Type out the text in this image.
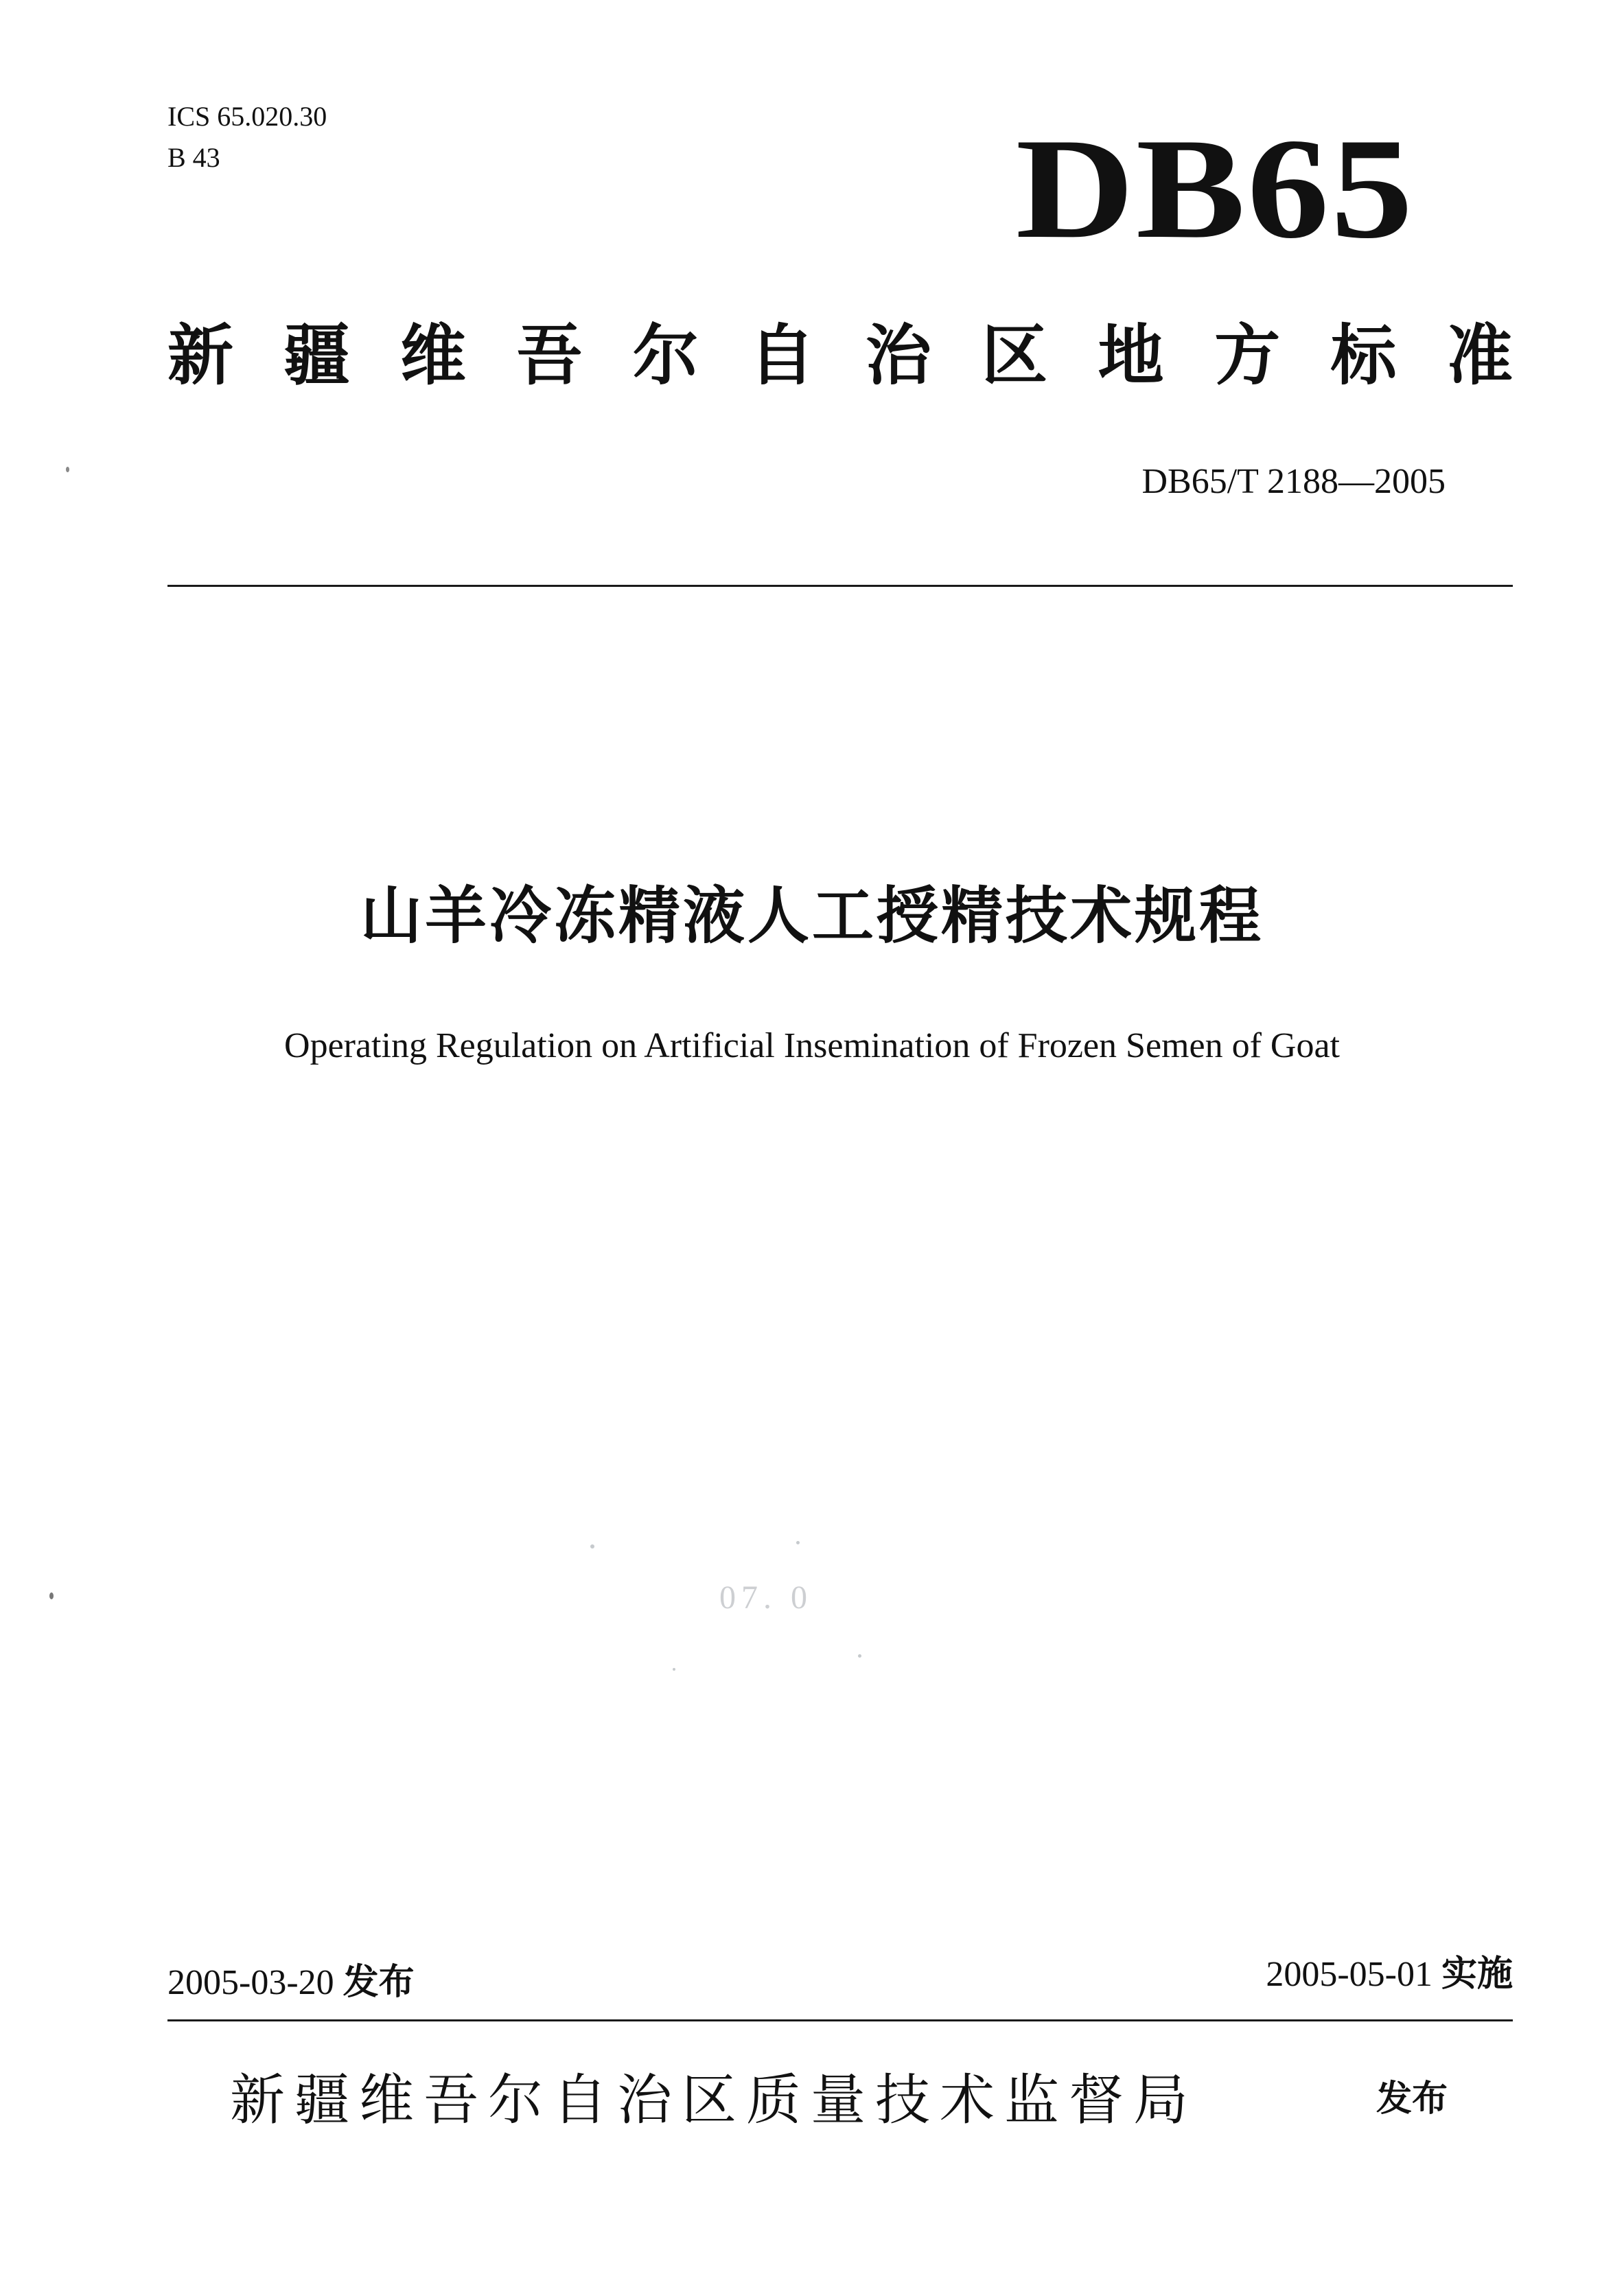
ICS 65.020.30
B 43	DB65
新 疆 维 吾 尔 自 治 区 地 方 标 准
DB65/T 2188—2005
山羊冷冻精液人工授精技术规程
Operating Regulation on Artificial Insemination of Frozen Semen of Goat
07. 0
2005-03-20 发布	2005-05-01 实施
新疆维吾尔自治区质量技术监督局	发布
